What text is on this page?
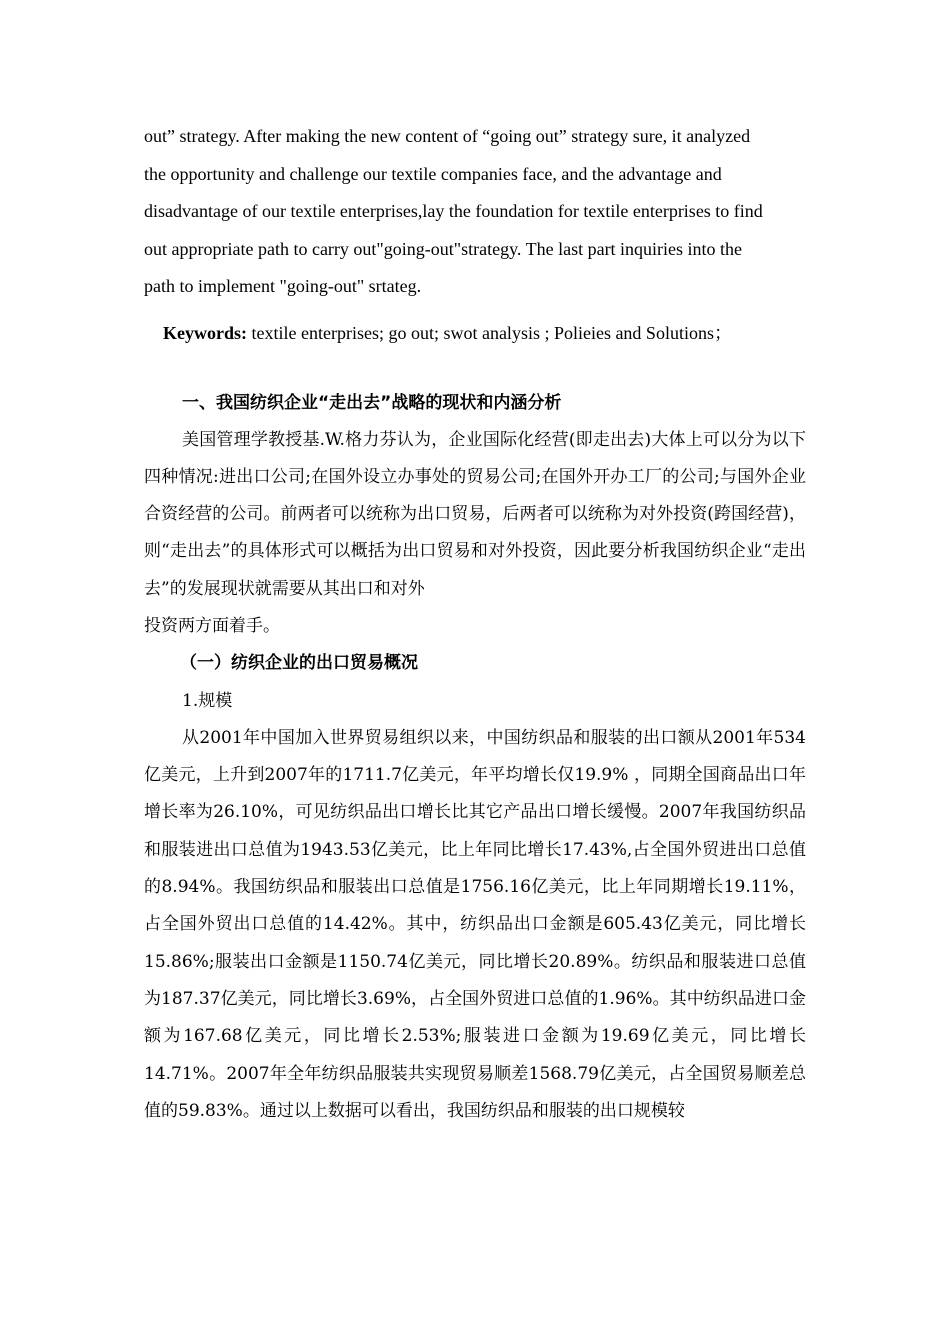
out” strategy. After making the new content of “going out” strategy sure, it analyzed
the opportunity and challenge our textile companies face, and the advantage and
disadvantage of our textile enterprises,lay the foundation for textile enterprises to find
out appropriate path to carry out"going-out"strategy. The last part inquiries into the
path to implement "going-out" srtateg.

Keywords: textile enterprises; go out; swot analysis ; Polieies and Solutions；

一、我国纺织企业“走出去”战略的现状和内涵分析

美国管理学教授基.W.格力芬认为，企业国际化经营(即走出去)大体上可以分为以下四种情况:进出口公司;在国外设立办事处的贸易公司;在国外开办工厂的公司;与国外企业合资经营的公司。前两者可以统称为出口贸易，后两者可以统称为对外投资(跨国经营)，则“走出去”的具体形式可以概括为出口贸易和对外投资，因此要分析我国纺织企业“走出去”的发展现状就需要从其出口和对外

投资两方面着手。

（一）纺织企业的出口贸易概况

1.规模

从2001年中国加入世界贸易组织以来，中国纺织品和服装的出口额从2001年534亿美元，上升到2007年的1711.7亿美元，年平均增长仅19.9% ，同期全国商品出口年增长率为26.10%，可见纺织品出口增长比其它产品出口增长缓慢。2007年我国纺织品和服装进出口总值为1943.53亿美元，比上年同比增长17.43%,占全国外贸进出口总值的8.94%。我国纺织品和服装出口总值是1756.16亿美元，比上年同期增长19.11%，占全国外贸出口总值的14.42%。其中，纺织品出口金额是605.43亿美元，同比增长15.86%;服装出口金额是1150.74亿美元，同比增长20.89%。纺织品和服装进口总值为187.37亿美元，同比增长3.69%，占全国外贸进口总值的1.96%。其中纺织品进口金额为167.68亿美元，同比增长2.53%;服装进口金额为19.69亿美元，同比增长14.71%。2007年全年纺织品服装共实现贸易顺差1568.79亿美元，占全国贸易顺差总值的59.83%。通过以上数据可以看出，我国纺织品和服装的出口规模较
